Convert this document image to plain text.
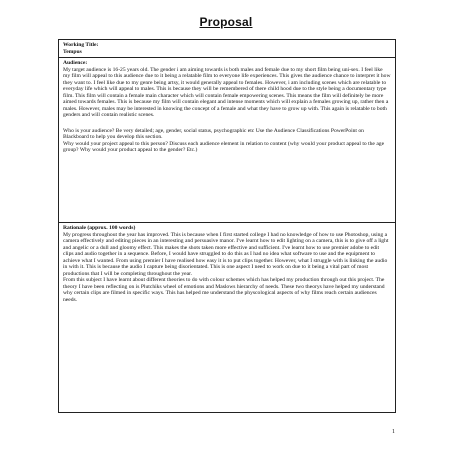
Proposal
Working Title:
Tempus

Audience:
My target audience is 16-25 years old. The gender i am aiming towards is both males and female due to my short film being uni-sex. I feel like my film will appeal to this audience due to it being a relatable film to everyone life experiences. This gives the audience chance to interpret it how they want to. I feel like due to my genre being artsy, it would generally appeal to females. However, i am including scenes which are relatable to everyday life which will appeal to males. This is because they will be remembered of there child hood due to the style being a documentary type film. This film will contain a female main character which will contain female empowering scenes. This means the film will definitely be more aimed towards females. This is because my film will contain elegant and intense moments which will explain a females growing up, rather then a males. However, males may be interested in knowing the concept of a female and what they have to grow up with. This again is relatable to both genders and will contain realistic scenes.
Who is your audience? Be very detailed; age, gender, social status, psychographic etc Use the Audience Classifications PowerPoint on Blackboard to help you develop this section.
Why would your project appeal to this person? Discuss each audience element in relation to content (why would your product appeal to the age group? Why would your product appeal to the gender? Etc.)

Rationale (approx. 100 words)
My progress throughout the year has improved. This is because when I first started college I had no knowledge of how to use Photoshop, using a camera effectively and editing pieces in an interesting and persuasive manor. I've learnt how to edit lighting on a camera, this is to give off a light and angelic or a dull and gloomy effect. This makes the shots taken more effective and sufficient. I've learnt how to use premier adobe to edit clips and audio together in a sequence. Before, I would have struggled to do this as I had no idea what software to use and the equipment to achieve what I wanted. From using premier I have realised how easy it is to put clips together. However, what I struggle with is linking the audio in with it. This is because the audio I capture being disorientated. This is one aspect I need to work on due to it being a vital part of most productions that I will be completing throughout the year.
From this subject I have learnt about different theories to do with colour schemes which has helped my production through out this project. The theory I have been reflecting on is Plutchiks wheel of emotions and Maslows hierarchy of needs. These two theorys have helped my understand why certain clips are filmed in specific ways. This has helped me understand the physcological aspects of why films reach certain audiences needs.
1
